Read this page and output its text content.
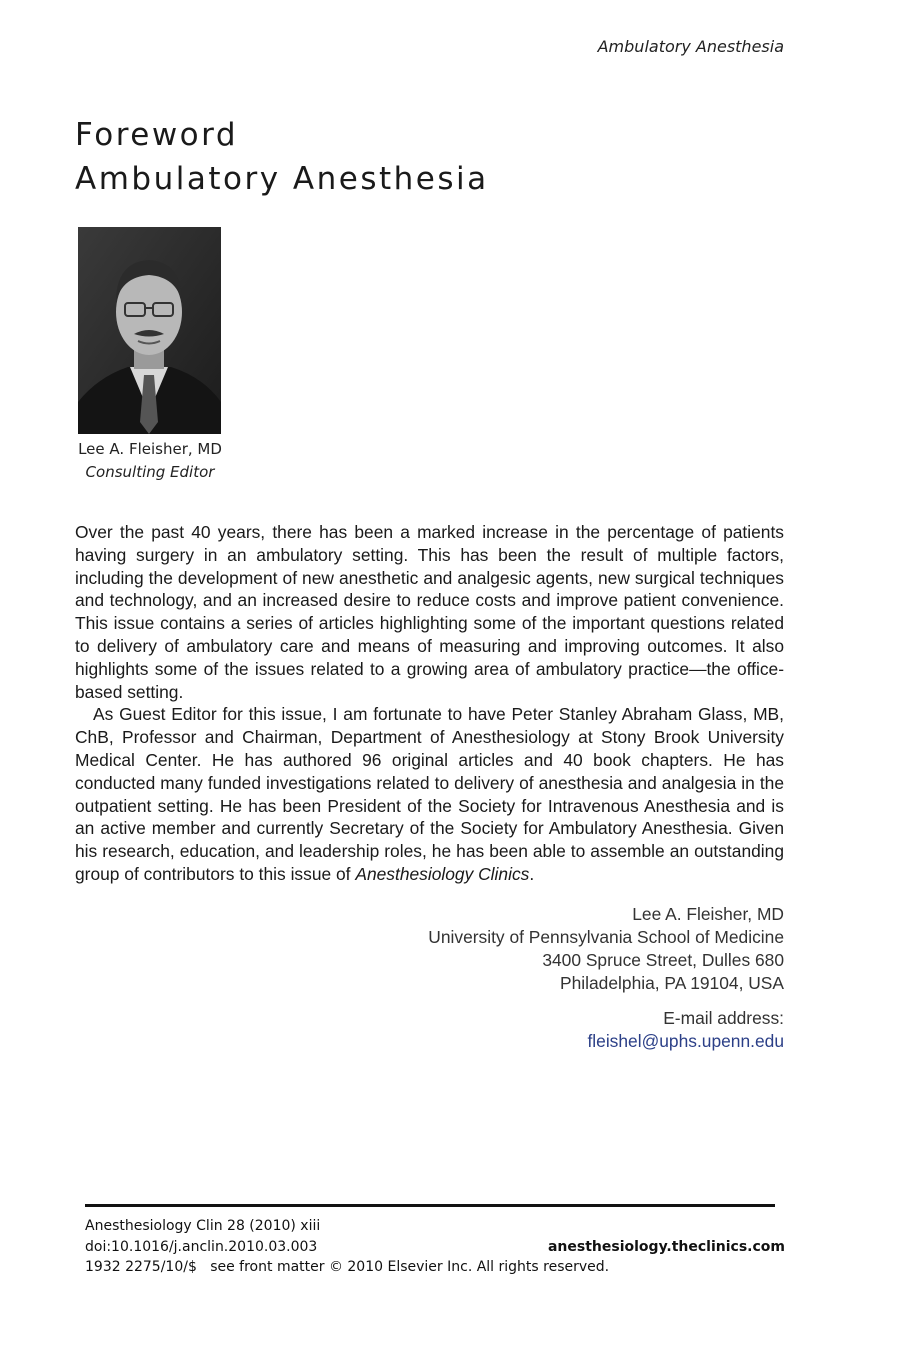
Ambulatory Anesthesia
Foreword
Ambulatory Anesthesia
Lee A. Fleisher, MD
Consulting Editor

Over the past 40 years, there has been a marked increase in the percentage of patients having surgery in an ambulatory setting. This has been the result of multiple factors, including the development of new anesthetic and analgesic agents, new surgical techniques and technology, and an increased desire to reduce costs and improve patient convenience. This issue contains a series of articles highlighting some of the important questions related to delivery of ambulatory care and means of measuring and improving outcomes. It also highlights some of the issues related to a growing area of ambulatory practice—the office-based setting.

As Guest Editor for this issue, I am fortunate to have Peter Stanley Abraham Glass, MB, ChB, Professor and Chairman, Department of Anesthesiology at Stony Brook University Medical Center. He has authored 96 original articles and 40 book chapters. He has conducted many funded investigations related to delivery of anesthesia and analgesia in the outpatient setting. He has been President of the Society for Intravenous Anesthesia and is an active member and currently Secretary of the Society for Ambulatory Anesthesia. Given his research, education, and leadership roles, he has been able to assemble an outstanding group of contributors to this issue of Anesthesiology Clinics.

Lee A. Fleisher, MD
University of Pennsylvania School of Medicine
3400 Spruce Street, Dulles 680
Philadelphia, PA 19104, USA
E-mail address:
fleishel@uphs.upenn.edu
Anesthesiology Clin 28 (2010) xiii
doi:10.1016/j.anclin.2010.03.003	anesthesiology.theclinics.com
1932 2275/10/$   see front matter © 2010 Elsevier Inc. All rights reserved.
